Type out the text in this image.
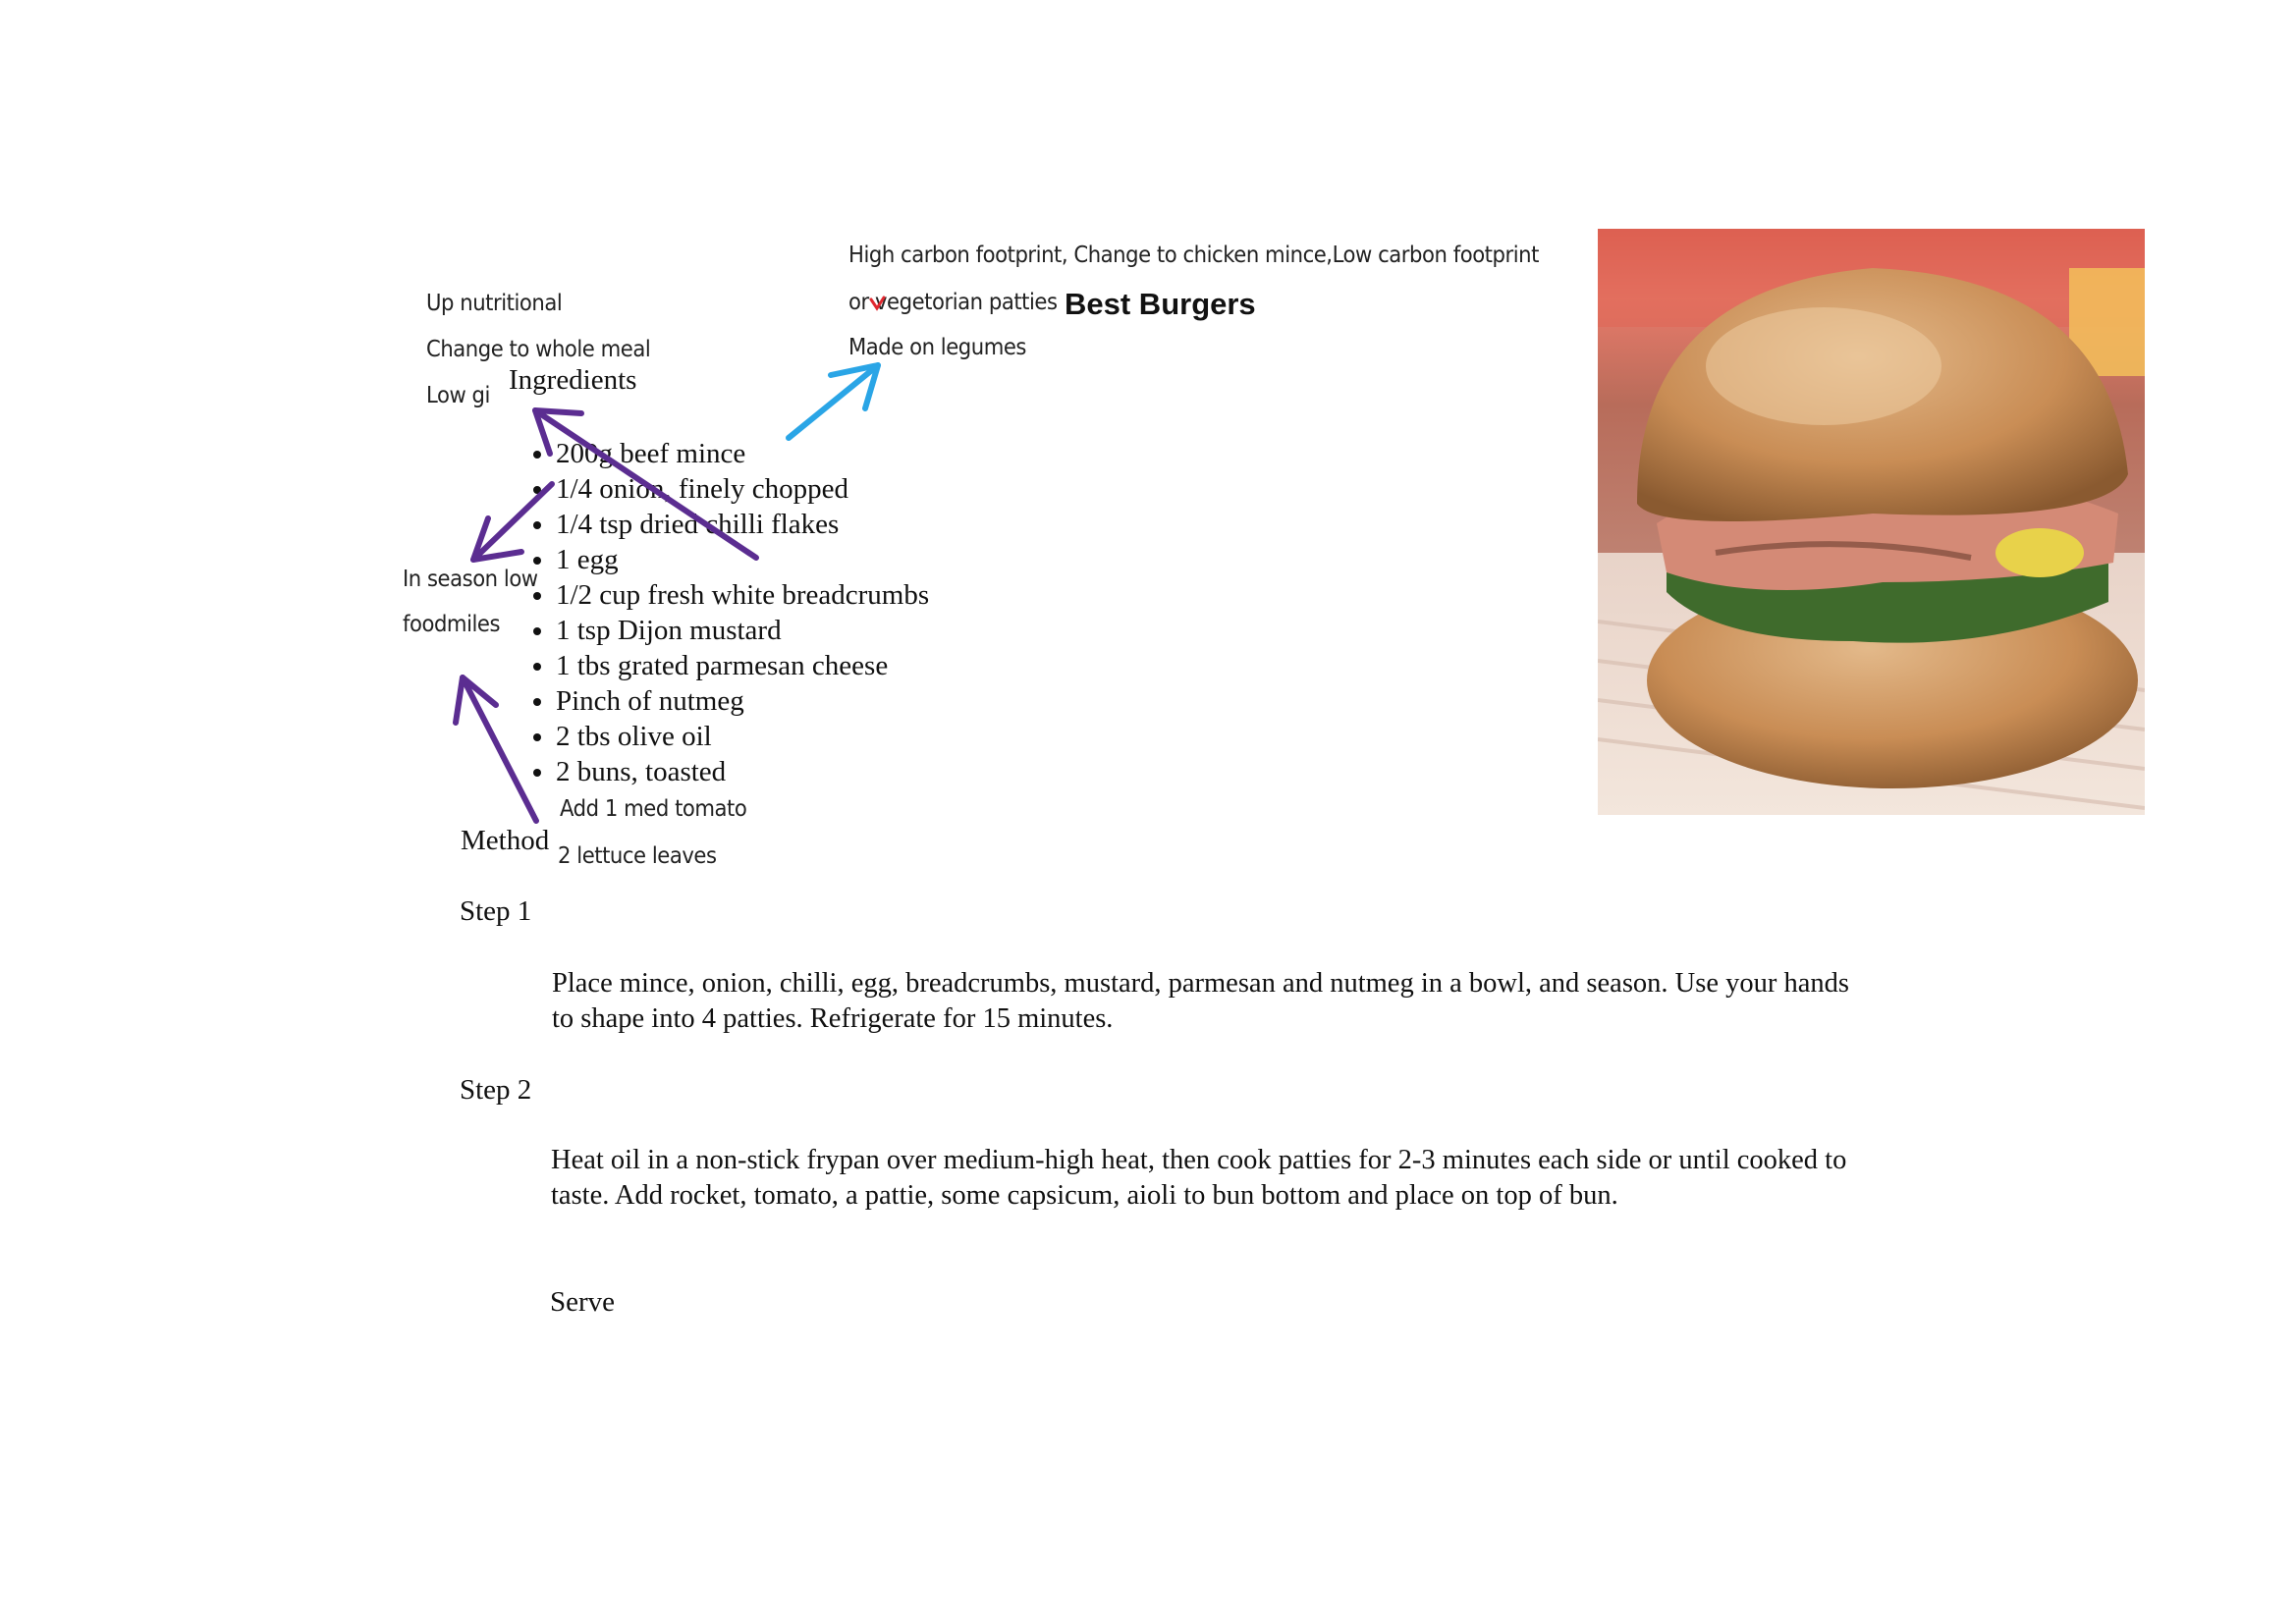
High carbon footprint, Change to chicken mince,Low carbon footprint
or vegetorian patties
Made on legumes
Up nutritional
Change to whole meal
Low gi
In season low
foodmiles
Add 1 med tomato
2 lettuce leaves
Best Burgers
Ingredients
• 200g beef mince
• 1/4 onion, finely chopped
• 1/4 tsp dried chilli flakes
• 1 egg
• 1/2 cup fresh white breadcrumbs
• 1 tsp Dijon mustard
• 1 tbs grated parmesan cheese
• Pinch of nutmeg
• 2 tbs olive oil
• 2 buns, toasted
Method
Step 1
Place mince, onion, chilli, egg, breadcrumbs, mustard, parmesan and nutmeg in a bowl, and season. Use your hands to shape into 4 patties. Refrigerate for 15 minutes.
Step 2
Heat oil in a non-stick frypan over medium-high heat, then cook patties for 2-3 minutes each side or until cooked to taste. Add rocket, tomato, a pattie, some capsicum, aioli to bun bottom and place on top of bun.
Serve
